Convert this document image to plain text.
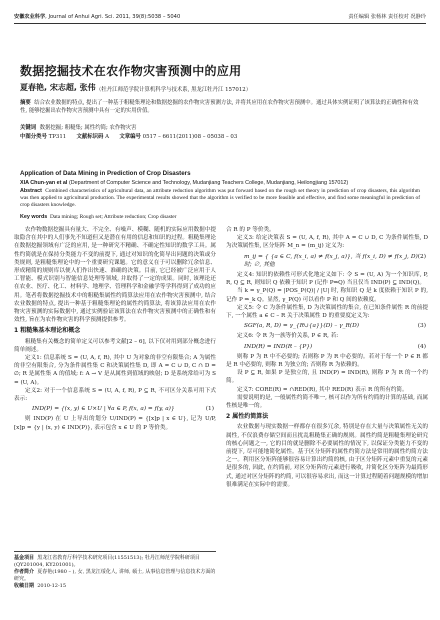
安徽农业科学, Journal of Anhui Agri. Sci. 2011, 39(8):5038 – 5040	责任编辑 张杨林 责任校对 况静玲
数据挖掘技术在农作物灾害预测中的应用
夏春艳, 宋志超, 张伟 （牡丹江师范学院计算机科学与技术系, 黑龙江牡丹江 157012）
摘要 结合农业数据的特点, 提出了一种基于粗糙集理论和数据挖掘的农作物灾害预测方法, 并将其应用在农作物灾害预测中。通过具体实例证明了该算法的正确性和有效性, 能够挖掘出农作物灾害预测中具有一定的实用价值。
关键词 数据挖掘; 粗糙集; 属性约简; 农作物灾害
中图分类号 TP311 文献标识码 A 文章编号 0517 – 6611(2011)08 – 05038 – 03
Application of Data Mining in Prediction of Crop Disasters
XIA Chun-yan et al (Department of Computer Science and Technology, Mudanjiang Teachers College, Mudanjiang, Heilongjiang 157012)
Abstract Combined characteristics of agricultural data, an attribute reduction algorithm was put forward based on the rough set theory in prediction of crop disasters, this algorithm was then applied to agricultural production. The experimental results showed that the algorithm is verified to be more feasible and effective, and find some meaningful in prediction of crop disasters knowledge.
Key words Data mining; Rough set; Attribute reduction; Crop disaster

农作物数据挖掘具有量大、不完全、有噪声、模糊、随机的实际应用数据中提取隐含在其中的人们事先不知道但又是潜在有用的信息和知识的过程。粗糙集理论在数据挖掘领域有广泛的应用, 是一种研究不精确、不确定性知识的数学工具。属性约简就是在保持分类能力不变的前提下, 通过对知识的化简导出问题的决策或分类规则, 是粗糙集理论中的一个重要研究课题。它的意义在于可以删除冗余信息、形成精简的规则库以便人们作出快速、准确的决策。目前, 它已经被广泛应用于人工智能、模式识别与智能信息处理等领域, 并取得了一定的成果。同时, 该理论还在农业、医疗、化工、材料学、地理学、管理科学和金融学等学科得到了成功的应用。笔者将数据挖掘技术中的粗糙集属性约简算法应用在农作物灾害预测中, 结合农业数据的特点, 提出一种基于粗糙集理论的属性约简算法, 将该算法应用在农作物灾害预测的实际数据中, 通过实例验证该算法在农作物灾害预测中的正确性和有效性, 旨在为农作物灾害的科学预测提供参考。

1 粗糙集基本理论和概念

粗糙集有关概念的简单定义可以参考文献[2 – 6], 以下仅对用到部分概念进行简单阐述。

定义1: 信息系统 S = (U, A, f, R), 其中 U 为对象的非空有限集合; A 为属性的非空有限集合, 分为条件属性集 C 和决策属性集 D, 即 A = C ∪ D, C ∩ D = ∅; R 是属性集 A 的值域; f: A → V 是从属性到值域的映射; D 是系统常给可为 S = (U, A)。

定义2: 对于一个信息系统 S = (U, A, f, R), P ⊆ R, 不可区分关系可用下式表示:

IND(P) = {(x, y) ∈ U×U | ∀a ∈ P, f(x, a) = f(y, a)}	(1)

则 IND(P) 在 U 上导出的划分 U/IND(P) = {[x]p | x ∈ U}, 记为 U/P, [x]p = {y | (x, y) ∈ IND(P)}, 表示包含 x ∈ U 的 P 等价类。

基金项目 黑龙江省教育厅科学技术研究项目(11551513); 牡丹江师范学院科研项目(QY201004, KY201001)。
作者简介 夏春艳(1980 – ), 女, 黑龙江绥化人, 讲师, 硕士, 从事信息管理与信息技术方面的研究。
收稿日期 2010-12-15

合 R 的 P 等价类。

定义3: 给定决策表 S = (U, A, f, R), 其中 A = C ∪ D, C 为条件属性集, D 为决策属性集, 区分矩阵 M_n = (m_ij) 定义为:

m_ij = { {a ∈ C, f(x_i, a) ≠ f(x_j, a)}, 当 f(x_i, D) ≠ f(x_j, D) 时; ∅, 其他
(2)

定义4: 知识的依赖性可形式化地定义如下: 令 S = (U, A) 为一个知识库, P, R, Q ⊆ R, 则知识 Q 依赖于知识 P (记作 P⇒Q) 当且仅当 IND(P) ⊆ IND(Q)。

当 k = γ_P(Q) = |POS_P(Q)| / |U| 时, 称知识 Q 是 k 度依赖于知识 P 的, 记作 P ⇒_k Q。显然, γ_P(Q) 可以看作 P 和 Q 间的依赖度。

定义5: 令 C 为条件属性集, D 为决策属性的集合, 在已知条件属性 R 的前提下, 一个属性 a ∈ C – R 关于决策属性 D 的重要度定义为:

SGF(a, R, D) = γ_{R∪{a}}(D) – γ_R(D)	(3)

定义6: 令 R 为一族等价关系, P ∈ R, 若:

IND(R) = IND(R – {P})	(4)

则称 P 为 R 中不必要的; 否则称 P 为 R 中必要的。若对于每一个 P ∈ R 都是 R 中必要的, 则称 R 为独立的; 否则称 R 为依赖的。

设 P ⊆ R, 如果 P 是独立的, 且 IND(P) = IND(R), 则称 P 为 R 的一个约简。

定义7: CORE(R) = ∩RED(R), 其中 RED(R) 表示 R 的所有约简。

需要说明的是, 一般属性约简不唯一, 核可以作为所有约简的计算的基础, 而属性核是唯一的。

2 属性约简算法

农业数据与现实数据一样都存在很多冗余, 特别是存在大量与决策属性无关的属性, 不仅浪费存储空间而且扰乱粗糙集正确的规则。属性约简是粗糙集理论研究的核心问题之一, 它的目的就是删除不必要属性的情况下, 以保证分类能力不变的前提下, 尽可能地简化属性。基于区分矩阵的属性约简方法是常用的属性约简方法之一。利用区分矩阵能够很容易计算出约简的核, 由于区分矩阵元素中重复的元素是很多的, 因此, 在约简前, 对区分矩阵的元素进行吸收, 并简化区分矩阵为最简形式, 通过对区分矩阵的约简, 可以很容易求出, 而这一计算过程随着问题规模的增加很难满足在实际中的需要。
